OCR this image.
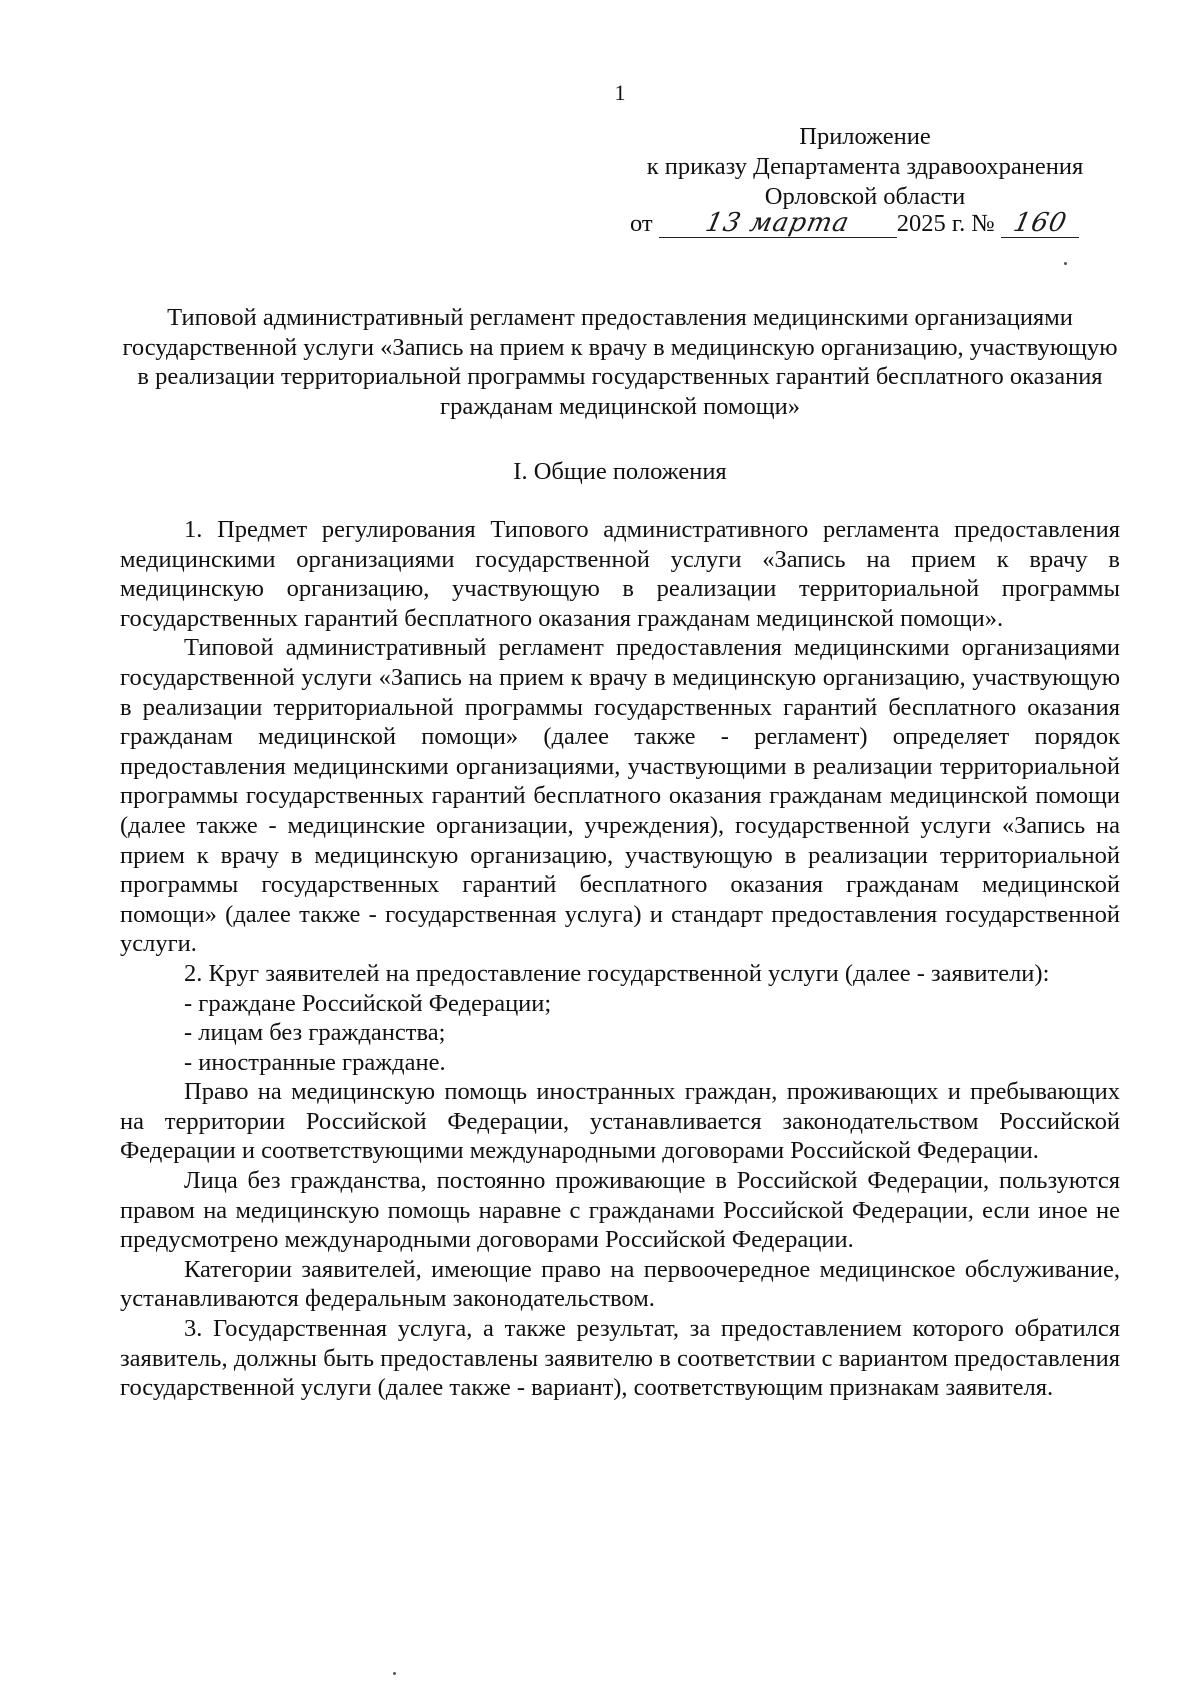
1
Приложение
к приказу Департамента здравоохранения
Орловской области
от 13 марта 2025 г. № 160
Типовой административный регламент предоставления медицинскими организациями государственной услуги «Запись на прием к врачу в медицинскую организацию, участвующую в реализации территориальной программы государственных гарантий бесплатного оказания гражданам медицинской помощи»
I. Общие положения

1. Предмет регулирования Типового административного регламента предоставления медицинскими организациями государственной услуги «Запись на прием к врачу в медицинскую организацию, участвующую в реализации территориальной программы государственных гарантий бесплатного оказания гражданам медицинской помощи».

Типовой административный регламент предоставления медицинскими организациями государственной услуги «Запись на прием к врачу в медицинскую организацию, участвующую в реализации территориальной программы государственных гарантий бесплатного оказания гражданам медицинской помощи» (далее также - регламент) определяет порядок предоставления медицинскими организациями, участвующими в реализации территориальной программы государственных гарантий бесплатного оказания гражданам медицинской помощи (далее также - медицинские организации, учреждения), государственной услуги «Запись на прием к врачу в медицинскую организацию, участвующую в реализации территориальной программы государственных гарантий бесплатного оказания гражданам медицинской помощи» (далее также - государственная услуга) и стандарт предоставления государственной услуги.

2. Круг заявителей на предоставление государственной услуги (далее - заявители):

- граждане Российской Федерации;

- лицам без гражданства;

- иностранные граждане.

Право на медицинскую помощь иностранных граждан, проживающих и пребывающих на территории Российской Федерации, устанавливается законодательством Российской Федерации и соответствующими международными договорами Российской Федерации.

Лица без гражданства, постоянно проживающие в Российской Федерации, пользуются правом на медицинскую помощь наравне с гражданами Российской Федерации, если иное не предусмотрено международными договорами Российской Федерации.

Категории заявителей, имеющие право на первоочередное медицинское обслуживание, устанавливаются федеральным законодательством.

3. Государственная услуга, а также результат, за предоставлением которого обратился заявитель, должны быть предоставлены заявителю в соответствии с вариантом предоставления государственной услуги (далее также - вариант), соответствующим признакам заявителя.
